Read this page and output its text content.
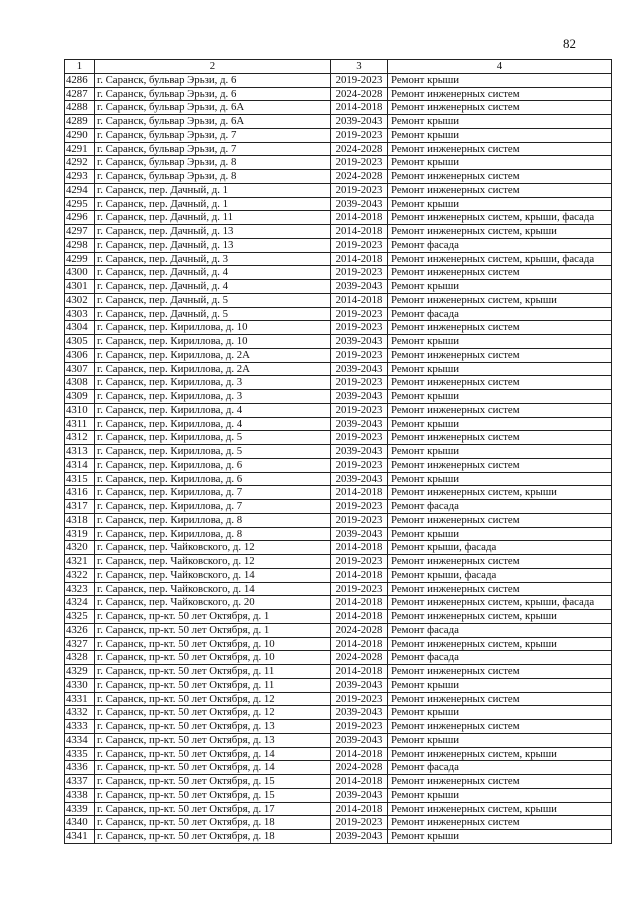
82
1	2	3	4
4286	г. Саранск, бульвар Эрьзи, д. 6	2019-2023	Ремонт крыши
4287	г. Саранск, бульвар Эрьзи, д. 6	2024-2028	Ремонт инженерных систем
4288	г. Саранск, бульвар Эрьзи, д. 6А	2014-2018	Ремонт инженерных систем
4289	г. Саранск, бульвар Эрьзи, д. 6А	2039-2043	Ремонт крыши
4290	г. Саранск, бульвар Эрьзи, д. 7	2019-2023	Ремонт крыши
4291	г. Саранск, бульвар Эрьзи, д. 7	2024-2028	Ремонт инженерных систем
4292	г. Саранск, бульвар Эрьзи, д. 8	2019-2023	Ремонт крыши
4293	г. Саранск, бульвар Эрьзи, д. 8	2024-2028	Ремонт инженерных систем
4294	г. Саранск, пер. Дачный, д. 1	2019-2023	Ремонт инженерных систем
4295	г. Саранск, пер. Дачный, д. 1	2039-2043	Ремонт крыши
4296	г. Саранск, пер. Дачный, д. 11	2014-2018	Ремонт инженерных систем, крыши, фасада
4297	г. Саранск, пер. Дачный, д. 13	2014-2018	Ремонт инженерных систем, крыши
4298	г. Саранск, пер. Дачный, д. 13	2019-2023	Ремонт фасада
4299	г. Саранск, пер. Дачный, д. 3	2014-2018	Ремонт инженерных систем, крыши, фасада
4300	г. Саранск, пер. Дачный, д. 4	2019-2023	Ремонт инженерных систем
4301	г. Саранск, пер. Дачный, д. 4	2039-2043	Ремонт крыши
4302	г. Саранск, пер. Дачный, д. 5	2014-2018	Ремонт инженерных систем, крыши
4303	г. Саранск, пер. Дачный, д. 5	2019-2023	Ремонт фасада
4304	г. Саранск, пер. Кириллова, д. 10	2019-2023	Ремонт инженерных систем
4305	г. Саранск, пер. Кириллова, д. 10	2039-2043	Ремонт крыши
4306	г. Саранск, пер. Кириллова, д. 2А	2019-2023	Ремонт инженерных систем
4307	г. Саранск, пер. Кириллова, д. 2А	2039-2043	Ремонт крыши
4308	г. Саранск, пер. Кириллова, д. 3	2019-2023	Ремонт инженерных систем
4309	г. Саранск, пер. Кириллова, д. 3	2039-2043	Ремонт крыши
4310	г. Саранск, пер. Кириллова, д. 4	2019-2023	Ремонт инженерных систем
4311	г. Саранск, пер. Кириллова, д. 4	2039-2043	Ремонт крыши
4312	г. Саранск, пер. Кириллова, д. 5	2019-2023	Ремонт инженерных систем
4313	г. Саранск, пер. Кириллова, д. 5	2039-2043	Ремонт крыши
4314	г. Саранск, пер. Кириллова, д. 6	2019-2023	Ремонт инженерных систем
4315	г. Саранск, пер. Кириллова, д. 6	2039-2043	Ремонт крыши
4316	г. Саранск, пер. Кириллова, д. 7	2014-2018	Ремонт инженерных систем, крыши
4317	г. Саранск, пер. Кириллова, д. 7	2019-2023	Ремонт фасада
4318	г. Саранск, пер. Кириллова, д. 8	2019-2023	Ремонт инженерных систем
4319	г. Саранск, пер. Кириллова, д. 8	2039-2043	Ремонт крыши
4320	г. Саранск, пер. Чайковского, д. 12	2014-2018	Ремонт крыши, фасада
4321	г. Саранск, пер. Чайковского, д. 12	2019-2023	Ремонт инженерных систем
4322	г. Саранск, пер. Чайковского, д. 14	2014-2018	Ремонт крыши, фасада
4323	г. Саранск, пер. Чайковского, д. 14	2019-2023	Ремонт инженерных систем
4324	г. Саранск, пер. Чайковского, д. 20	2014-2018	Ремонт инженерных систем, крыши, фасада
4325	г. Саранск, пр-кт. 50 лет Октября, д. 1	2014-2018	Ремонт инженерных систем, крыши
4326	г. Саранск, пр-кт. 50 лет Октября, д. 1	2024-2028	Ремонт фасада
4327	г. Саранск, пр-кт. 50 лет Октября, д. 10	2014-2018	Ремонт инженерных систем, крыши
4328	г. Саранск, пр-кт. 50 лет Октября, д. 10	2024-2028	Ремонт фасада
4329	г. Саранск, пр-кт. 50 лет Октября, д. 11	2014-2018	Ремонт инженерных систем
4330	г. Саранск, пр-кт. 50 лет Октября, д. 11	2039-2043	Ремонт крыши
4331	г. Саранск, пр-кт. 50 лет Октября, д. 12	2019-2023	Ремонт инженерных систем
4332	г. Саранск, пр-кт. 50 лет Октября, д. 12	2039-2043	Ремонт крыши
4333	г. Саранск, пр-кт. 50 лет Октября, д. 13	2019-2023	Ремонт инженерных систем
4334	г. Саранск, пр-кт. 50 лет Октября, д. 13	2039-2043	Ремонт крыши
4335	г. Саранск, пр-кт. 50 лет Октября, д. 14	2014-2018	Ремонт инженерных систем, крыши
4336	г. Саранск, пр-кт. 50 лет Октября, д. 14	2024-2028	Ремонт фасада
4337	г. Саранск, пр-кт. 50 лет Октября, д. 15	2014-2018	Ремонт инженерных систем
4338	г. Саранск, пр-кт. 50 лет Октября, д. 15	2039-2043	Ремонт крыши
4339	г. Саранск, пр-кт. 50 лет Октября, д. 17	2014-2018	Ремонт инженерных систем, крыши
4340	г. Саранск, пр-кт. 50 лет Октября, д. 18	2019-2023	Ремонт инженерных систем
4341	г. Саранск, пр-кт. 50 лет Октября, д. 18	2039-2043	Ремонт крыши
